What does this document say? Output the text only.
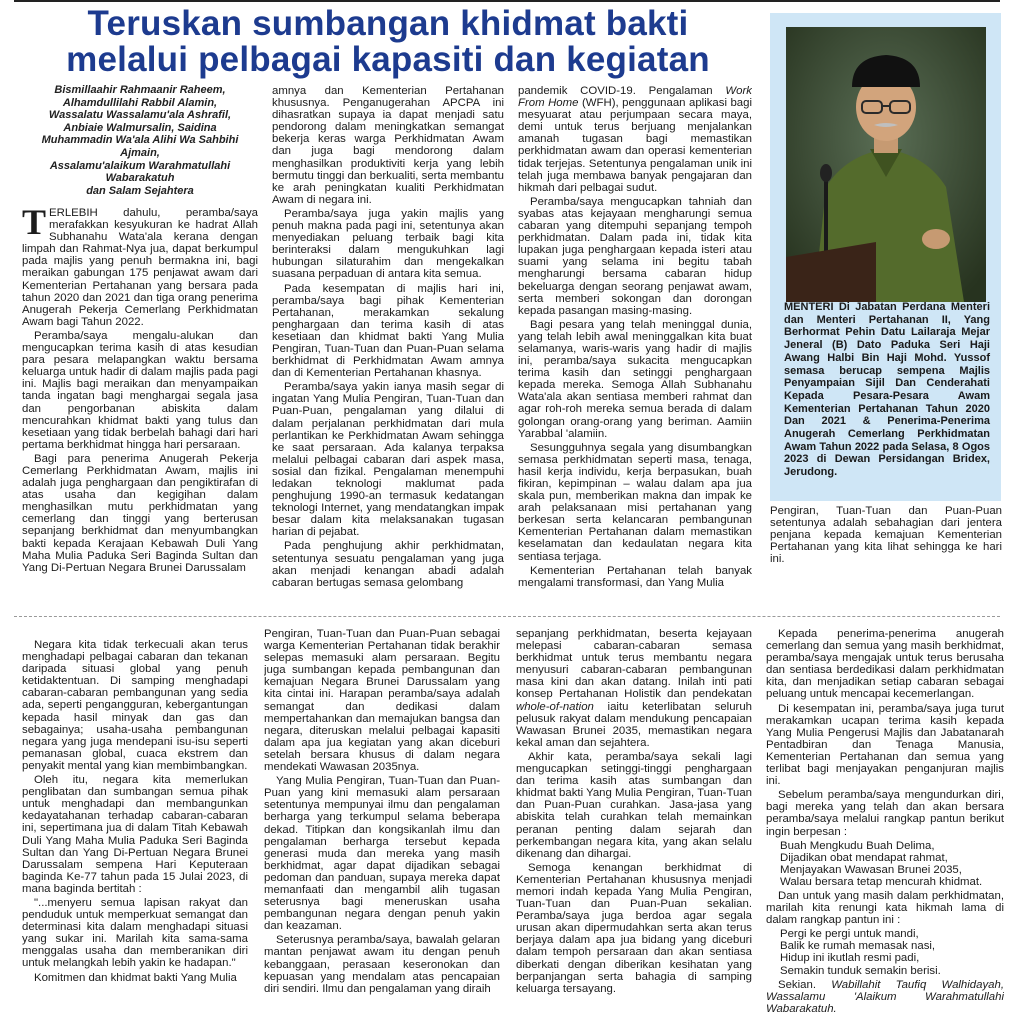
Teruskan sumbangan khidmat bakti
melalui pelbagai kapasiti dan kegiatan
Bismillaahir Rahmaanir Raheem,
Alhamdullilahi Rabbil Alamin,
Wassalatu Wassalamu'ala Ashrafil,
Anbiaie Walmursalin, Saidina
Muhammadin Wa'ala Alihi Wa Sahbihi
Ajmain,
Assalamu'alaikum Warahmatullahi
Wabarakatuh
dan Salam Sejahtera

TERLEBIH dahulu, peramba/saya merafakkan kesyukuran ke hadrat Allah Subhanahu Wata'ala kerana dengan limpah dan Rahmat-Nya jua, dapat berkumpul pada majlis yang penuh bermakna ini, bagi meraikan gabungan 175 penjawat awam dari Kementerian Pertahanan yang bersara pada tahun 2020 dan 2021 dan tiga orang penerima Anugerah Pekerja Cemerlang Perkhidmatan Awam bagi Tahun 2022.

Peramba/saya mengalu-alukan dan mengucapkan terima kasih di atas kesudian para pesara melapangkan waktu bersama keluarga untuk hadir di dalam majlis pada pagi ini. Majlis bagi meraikan dan menyampaikan tanda ingatan bagi menghargai segala jasa dan pengorbanan abiskita dalam mencurahkan khidmat bakti yang tulus dan kesetiaan yang tidak berbelah bahagi dari hari pertama berkhidmat hingga hari persaraan.

Bagi para penerima Anugerah Pekerja Cemerlang Perkhidmatan Awam, majlis ini adalah juga penghargaan dan pengiktirafan di atas usaha dan kegigihan dalam menghasilkan mutu perkhidmatan yang cemerlang dan tinggi yang berterusan sepanjang berkhidmat dan menyumbangkan bakti kepada Kerajaan Kebawah Duli Yang Maha Mulia Paduka Seri Baginda Sultan dan Yang Di-Pertuan Negara Brunei Darussalam

amnya dan Kementerian Pertahanan khususnya. Penganugerahan APCPA ini dihasratkan supaya ia dapat menjadi satu pendorong dalam meningkatkan semangat bekerja keras warga Perkhidmatan Awam dan juga bagi mendorong dalam menghasilkan produktiviti kerja yang lebih bermutu tinggi dan berkualiti, serta membantu ke arah peningkatan kualiti Perkhidmatan Awam di negara ini.

Peramba/saya juga yakin majlis yang penuh makna pada pagi ini, setentunya akan menyediakan peluang terbaik bagi kita berinteraksi dalam mengukuhkan lagi hubungan silaturahim dan mengekalkan suasana perpaduan di antara kita semua.

Pada kesempatan di majlis hari ini, peramba/saya bagi pihak Kementerian Pertahanan, merakamkan sekalung penghargaan dan terima kasih di atas kesetiaan dan khidmat bakti Yang Mulia Pengiran, Tuan-Tuan dan Puan-Puan selama berkhidmat di Perkhidmatan Awam amnya dan di Kementerian Pertahanan khasnya.

Peramba/saya yakin ianya masih segar di ingatan Yang Mulia Pengiran, Tuan-Tuan dan Puan-Puan, pengalaman yang dilalui di dalam perjalanan perkhidmatan dari mula perlantikan ke Perkhidmatan Awam sehingga ke saat persaraan. Ada kalanya terpaksa melalui pelbagai cabaran dari aspek masa, sosial dan fizikal. Pengalaman menempuhi ledakan teknologi maklumat pada penghujung 1990-an termasuk kedatangan teknologi Internet, yang mendatangkan impak besar dalam kita melaksanakan tugasan harian di pejabat.

Pada penghujung akhir perkhidmatan, setentunya sesuatu pengalaman yang juga akan menjadi kenangan abadi adalah cabaran bertugas semasa gelombang

pandemik COVID-19. Pengalaman Work From Home (WFH), penggunaan aplikasi bagi mesyuarat atau perjumpaan secara maya, demi untuk terus berjuang menjalankan amanah tugasan bagi memastikan perkhidmatan awam dan operasi kementerian tidak terjejas. Setentunya pengalaman unik ini telah juga membawa banyak pengajaran dan hikmah dari pelbagai sudut.

Peramba/saya mengucapkan tahniah dan syabas atas kejayaan mengharungi semua cabaran yang ditempuhi sepanjang tempoh perkhidmatan. Dalam pada ini, tidak kita lupakan juga penghargaan kepada isteri atau suami yang selama ini begitu tabah mengharungi bersama cabaran hidup bekeluarga dengan seorang penjawat awam, serta memberi sokongan dan dorongan kepada pasangan masing-masing.

Bagi pesara yang telah meninggal dunia, yang telah lebih awal meninggalkan kita buat selamanya, waris-waris yang hadir di majlis ini, peramba/saya sukacita mengucapkan terima kasih dan setinggi penghargaan kepada mereka. Semoga Allah Subhanahu Wata'ala akan sentiasa memberi rahmat dan agar roh-roh mereka semua berada di dalam golongan orang-orang yang beriman. Aamiin Yarabbal 'alamiin.

Sesungguhnya segala yang disumbangkan semasa perkhidmatan seperti masa, tenaga, hasil kerja individu, kerja berpasukan, buah fikiran, kepimpinan – walau dalam apa jua skala pun, memberikan makna dan impak ke arah pelaksanaan misi pertahanan yang berkesan serta kelancaran pembangunan Kementerian Pertahanan dalam memastikan keselamatan dan kedaulatan negara kita sentiasa terjaga.

Kementerian Pertahanan telah banyak mengalami transformasi, dan Yang Mulia

MENTERI Di Jabatan Perdana Menteri dan Menteri Pertahanan II, Yang Berhormat Pehin Datu Lailaraja Mejar Jeneral (B) Dato Paduka Seri Haji Awang Halbi Bin Haji Mohd. Yussof semasa berucap sempena Majlis Penyampaian Sijil Dan Cenderahati Kepada Pesara-Pesara Awam Kementerian Pertahanan Tahun 2020 Dan 2021 & Penerima-Penerima Anugerah Cemerlang Perkhidmatan Awam Tahun 2022 pada Selasa, 8 Ogos 2023 di Dewan Persidangan Bridex, Jerudong.

Pengiran, Tuan-Tuan dan Puan-Puan setentunya adalah sebahagian dari jentera penjana kepada kemajuan Kementerian Pertahanan yang kita lihat sehingga ke hari ini.

Negara kita tidak terkecuali akan terus menghadapi pelbagai cabaran dan tekanan daripada situasi global yang penuh ketidaktentuan. Di samping menghadapi cabaran-cabaran pembangunan yang sedia ada, seperti pengangguran, kebergantungan kepada hasil minyak dan gas dan sebagainya; usaha-usaha pembangunan negara yang juga mendepani isu-isu seperti pemanasan global, cuaca ekstrem dan penyakit mental yang kian membimbangkan.

Oleh itu, negara kita memerlukan penglibatan dan sumbangan semua pihak untuk menghadapi dan membangunkan kedayatahanan terhadap cabaran-cabaran ini, sepertimana jua di dalam Titah Kebawah Duli Yang Maha Mulia Paduka Seri Baginda Sultan dan Yang Di-Pertuan Negara Brunei Darussalam sempena Hari Keputeraan baginda Ke-77 tahun pada 15 Julai 2023, di mana baginda bertitah :

"...menyeru semua lapisan rakyat dan penduduk untuk memperkuat semangat dan determinasi kita dalam menghadapi situasi yang sukar ini. Marilah kita sama-sama menggalas usaha dan memberanikan diri untuk melangkah lebih yakin ke hadapan."

Komitmen dan khidmat bakti Yang Mulia

Pengiran, Tuan-Tuan dan Puan-Puan sebagai warga Kementerian Pertahanan tidak berakhir selepas memasuki alam persaraan. Begitu juga sumbangan kepada pembangunan dan kemajuan Negara Brunei Darussalam yang kita cintai ini. Harapan peramba/saya adalah semangat dan dedikasi dalam mempertahankan dan memajukan bangsa dan negara, diteruskan melalui pelbagai kapasiti dalam apa jua kegiatan yang akan diceburi setelah bersara khusus di dalam negara mendekati Wawasan 2035nya.

Yang Mulia Pengiran, Tuan-Tuan dan Puan-Puan yang kini memasuki alam persaraan setentunya mempunyai ilmu dan pengalaman berharga yang terkumpul selama beberapa dekad. Titipkan dan kongsikanlah ilmu dan pengalaman berharga tersebut kepada generasi muda dan mereka yang masih berkhidmat, agar dapat dijadikan sebagai pedoman dan panduan, supaya mereka dapat memanfaati dan mengambil alih tugasan seterusnya bagi meneruskan usaha pembangunan negara dengan penuh yakin dan keazaman.

Seterusnya peramba/saya, bawalah gelaran mantan penjawat awam itu dengan penuh kebanggaan, perasaan keseronokan dan kepuasan yang mendalam atas pencapaian diri sendiri. Ilmu dan pengalaman yang diraih

sepanjang perkhidmatan, beserta kejayaan melepasi cabaran-cabaran semasa berkhidmat untuk terus membantu negara menyusuri cabaran-cabaran pembangunan masa kini dan akan datang. Inilah inti pati konsep Pertahanan Holistik dan pendekatan whole-of-nation iaitu keterlibatan seluruh pelusuk rakyat dalam mendukung pencapaian Wawasan Brunei 2035, memastikan negara kekal aman dan sejahtera.

Akhir kata, peramba/saya sekali lagi mengucapkan setinggi-tinggi penghargaan dan terima kasih atas sumbangan dan khidmat bakti Yang Mulia Pengiran, Tuan-Tuan dan Puan-Puan curahkan. Jasa-jasa yang abiskita telah curahkan telah memainkan peranan penting dalam sejarah dan perkembangan negara kita, yang akan selalu dikenang dan dihargai.

Semoga kenangan berkhidmat di Kementerian Pertahanan khususnya menjadi memori indah kepada Yang Mulia Pengiran, Tuan-Tuan dan Puan-Puan sekalian. Peramba/saya juga berdoa agar segala urusan akan dipermudahkan serta akan terus berjaya dalam apa jua bidang yang diceburi dalam tempoh persaraan dan akan sentiasa diberkati dengan diberikan kesihatan yang berpanjangan serta bahagia di samping keluarga tersayang.

Kepada penerima-penerima anugerah cemerlang dan semua yang masih berkhidmat, peramba/saya mengajak untuk terus berusaha dan sentiasa berdedikasi dalam perkhidmatan kita, dan menjadikan setiap cabaran sebagai peluang untuk mencapai kecemerlangan.

Di kesempatan ini, peramba/saya juga turut merakamkan ucapan terima kasih kepada Yang Mulia Pengerusi Majlis dan Jabatanarah Pentadbiran dan Tenaga Manusia, Kementerian Pertahanan dan semua yang terlibat bagi menjayakan penganjuran majlis ini.

Sebelum peramba/saya mengundurkan diri, bagi mereka yang telah dan akan bersara peramba/saya melalui rangkap pantun berikut ingin berpesan :

Buah Mengkudu Buah Delima,

Dijadikan obat mendapat rahmat,

Menjayakan Wawasan Brunei 2035,

Walau bersara tetap mencurah khidmat.

Dan untuk yang masih dalam perkhidmatan, marilah kita renungi kata hikmah lama di dalam rangkap pantun ini :

Pergi ke pergi untuk mandi,

Balik ke rumah memasak nasi,

Hidup ini ikutlah resmi padi,

Semakin tunduk semakin berisi.

Sekian. Wabillahit Taufiq Walhidayah, Wassalamu 'Alaikum Warahmatullahi Wabarakatuh.
